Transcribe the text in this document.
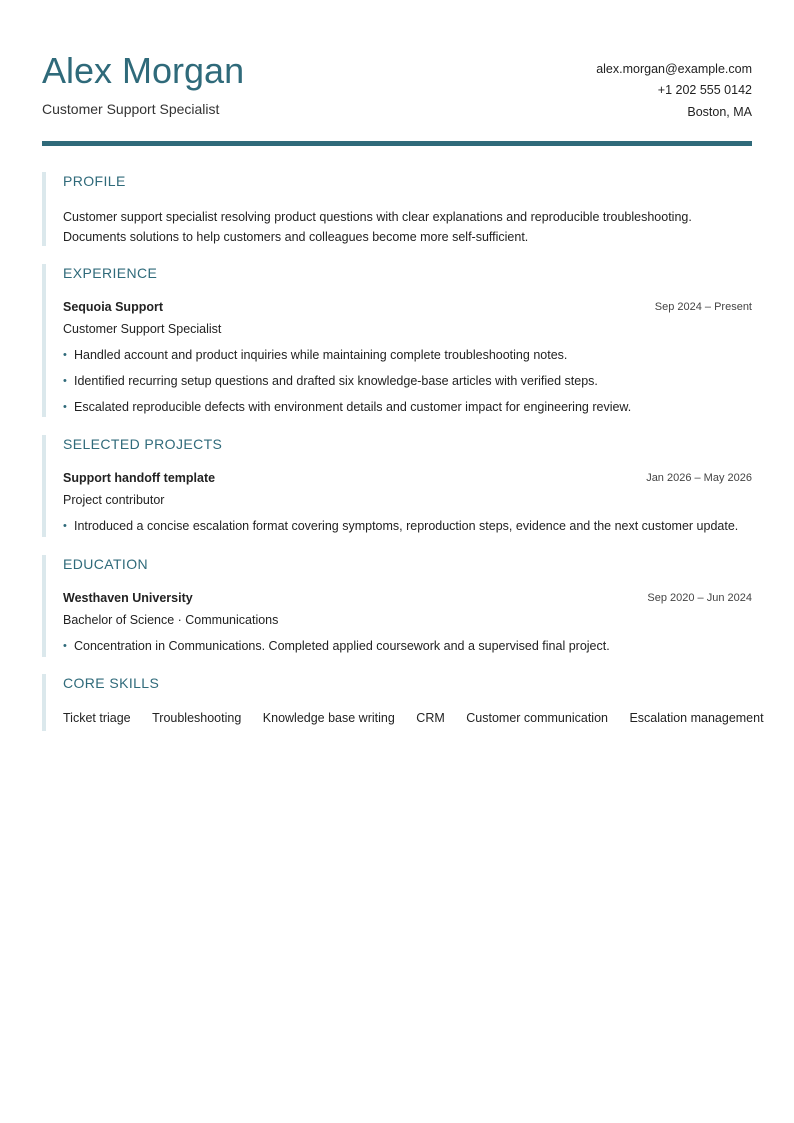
Alex Morgan
Customer Support Specialist
alex.morgan@example.com
+1 202 555 0142
Boston, MA
PROFILE
Customer support specialist resolving product questions with clear explanations and reproducible troubleshooting. Documents solutions to help customers and colleagues become more self-sufficient.
EXPERIENCE
Sequoia Support	Sep 2024 – Present
Customer Support Specialist
• Handled account and product inquiries while maintaining complete troubleshooting notes.
• Identified recurring setup questions and drafted six knowledge-base articles with verified steps.
• Escalated reproducible defects with environment details and customer impact for engineering review.
SELECTED PROJECTS
Support handoff template	Jan 2026 – May 2026
Project contributor
• Introduced a concise escalation format covering symptoms, reproduction steps, evidence and the next customer update.
EDUCATION
Westhaven University	Sep 2020 – Jun 2024
Bachelor of Science · Communications
• Concentration in Communications. Completed applied coursework and a supervised final project.
CORE SKILLS
Ticket triage Troubleshooting Knowledge base writing CRM Customer communication Escalation management
